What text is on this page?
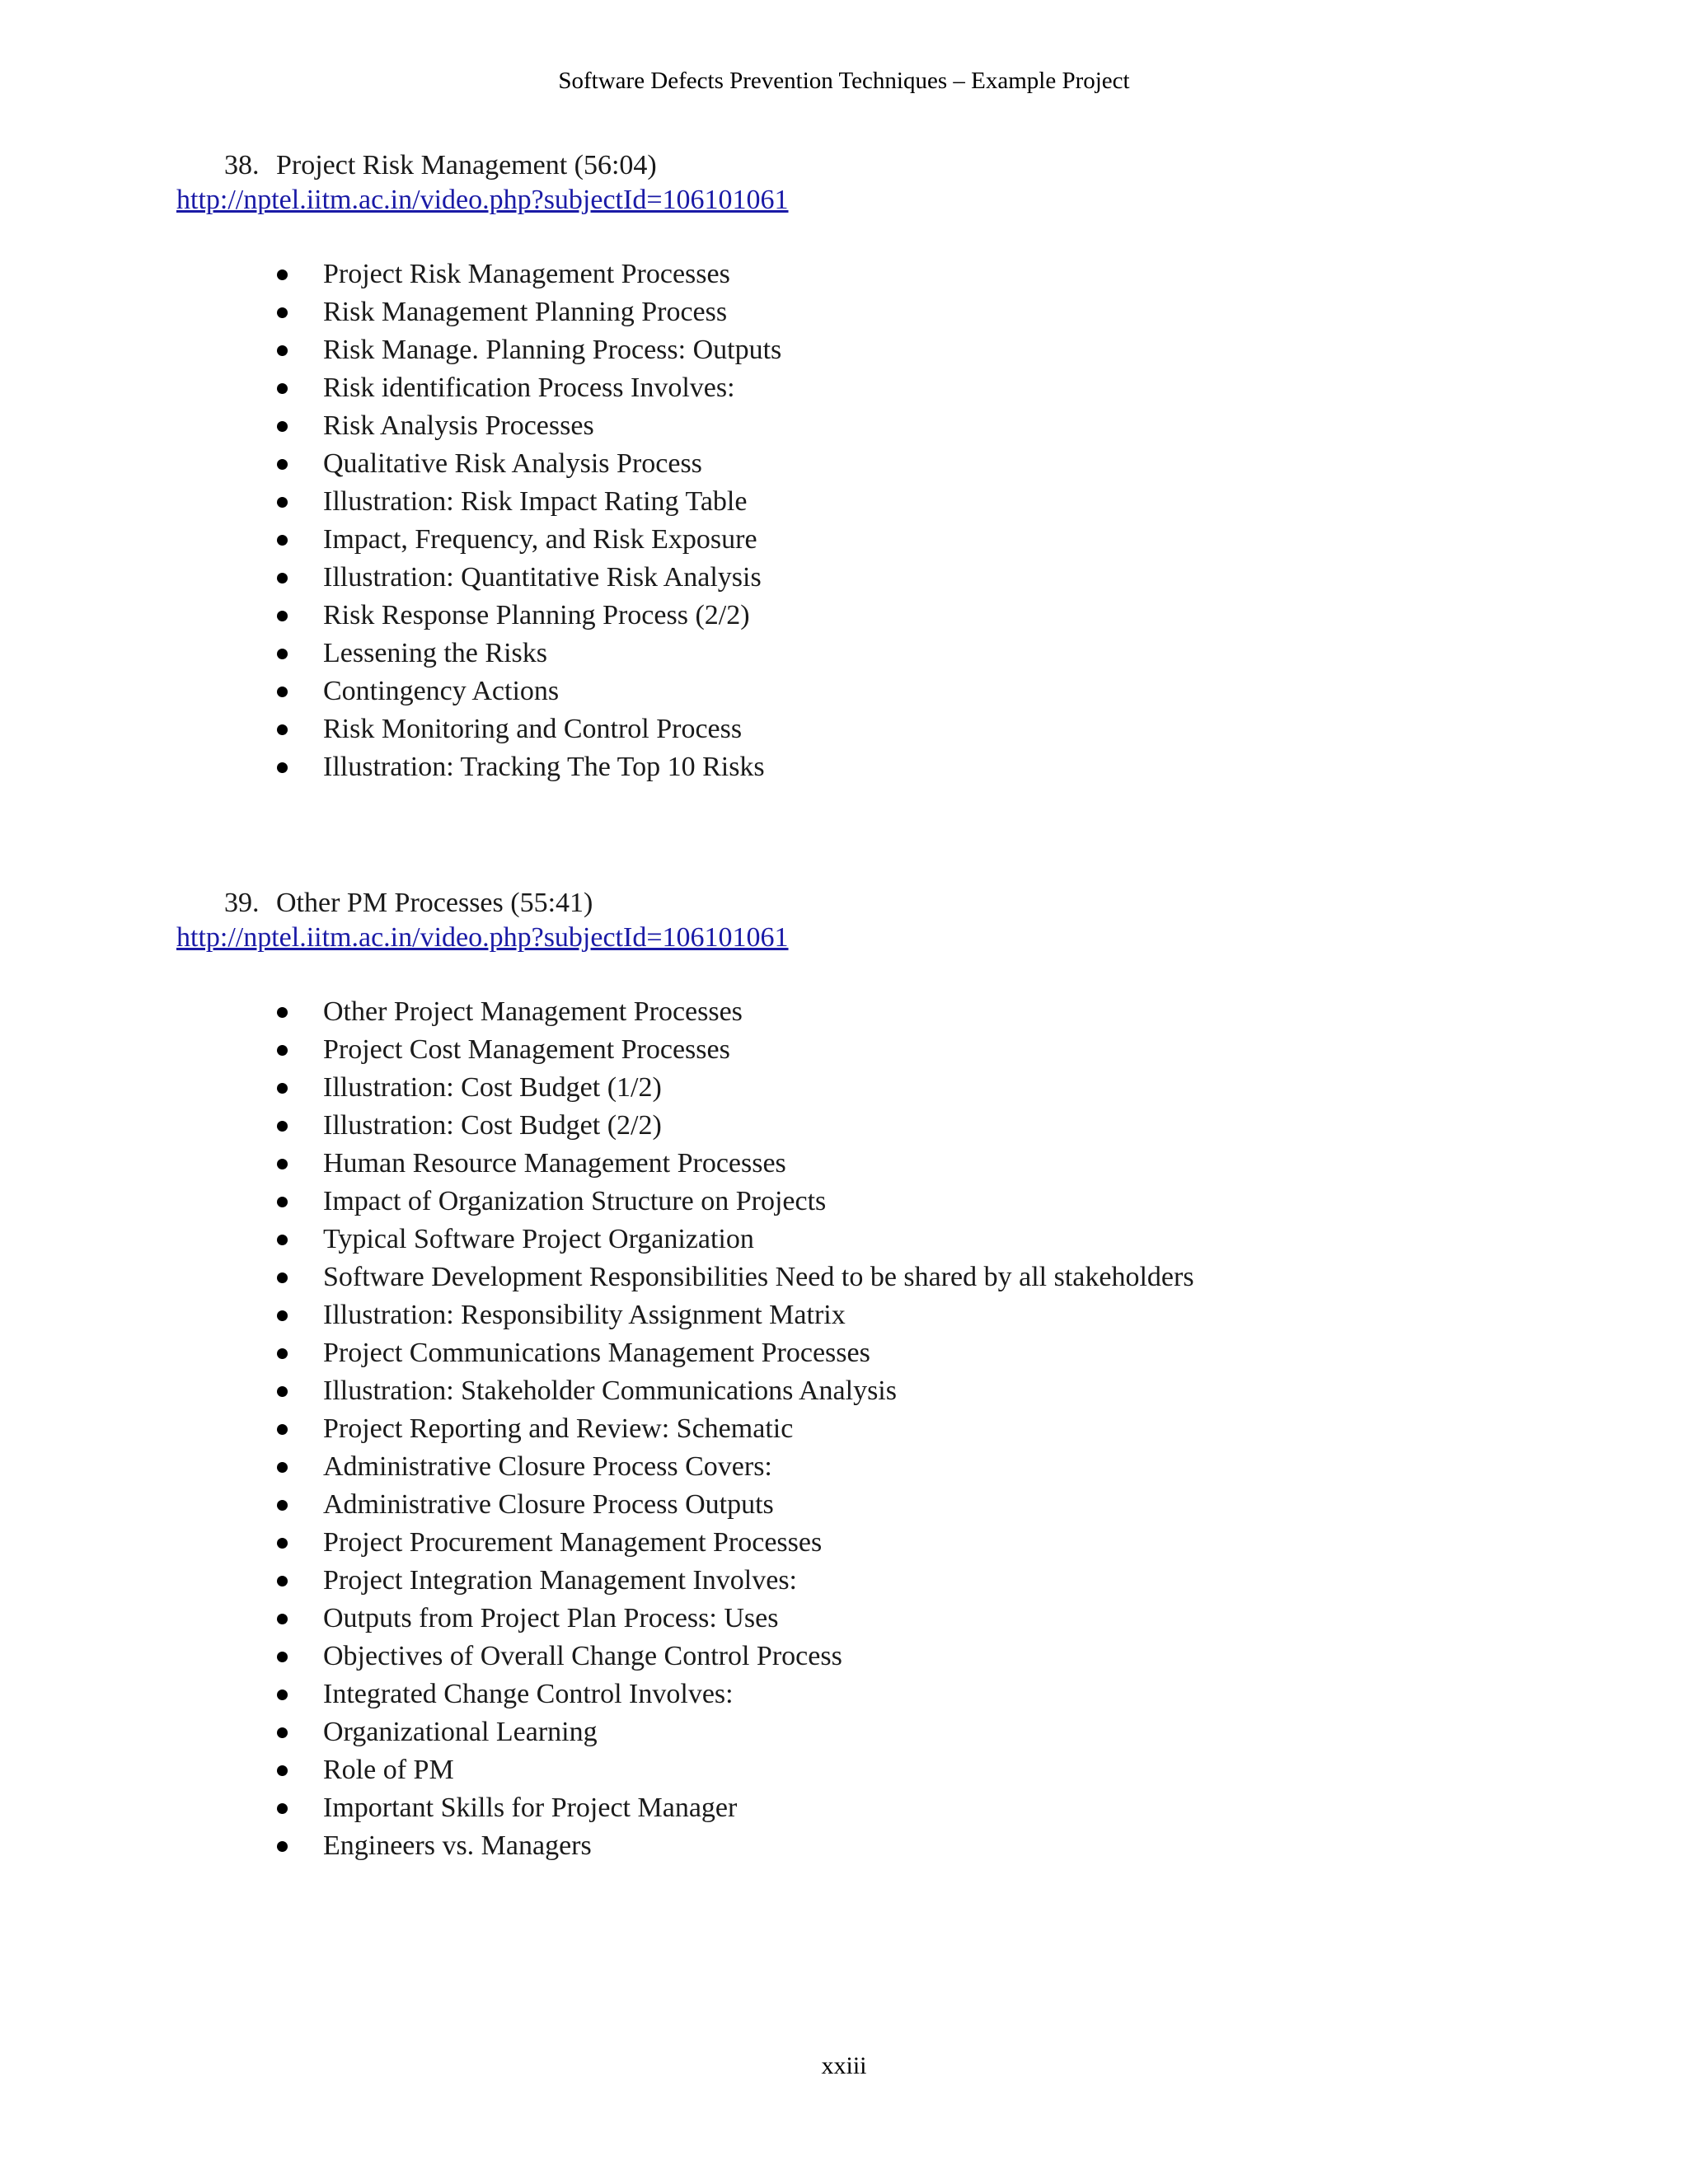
Software Defects Prevention Techniques – Example Project
38. Project Risk Management (56:04)
http://nptel.iitm.ac.in/video.php?subjectId=106101061
Project Risk Management Processes
Risk Management Planning Process
Risk Manage. Planning Process: Outputs
Risk identification Process Involves:
Risk Analysis Processes
Qualitative Risk Analysis Process
Illustration: Risk Impact Rating Table
Impact, Frequency, and Risk Exposure
Illustration: Quantitative Risk Analysis
Risk Response Planning Process (2/2)
Lessening the Risks
Contingency Actions
Risk Monitoring and Control Process
Illustration: Tracking The Top 10 Risks
39. Other PM Processes (55:41)
http://nptel.iitm.ac.in/video.php?subjectId=106101061
Other Project Management Processes
Project Cost Management Processes
Illustration: Cost Budget (1/2)
Illustration: Cost Budget (2/2)
Human Resource Management Processes
Impact of Organization Structure on Projects
Typical Software Project Organization
Software Development Responsibilities Need to be shared by all stakeholders
Illustration: Responsibility Assignment Matrix
Project Communications Management Processes
Illustration: Stakeholder Communications Analysis
Project Reporting and Review: Schematic
Administrative Closure Process Covers:
Administrative Closure Process Outputs
Project Procurement Management Processes
Project Integration Management Involves:
Outputs from Project Plan Process: Uses
Objectives of Overall Change Control Process
Integrated Change Control Involves:
Organizational Learning
Role of PM
Important Skills for Project Manager
Engineers vs. Managers
xxiii
